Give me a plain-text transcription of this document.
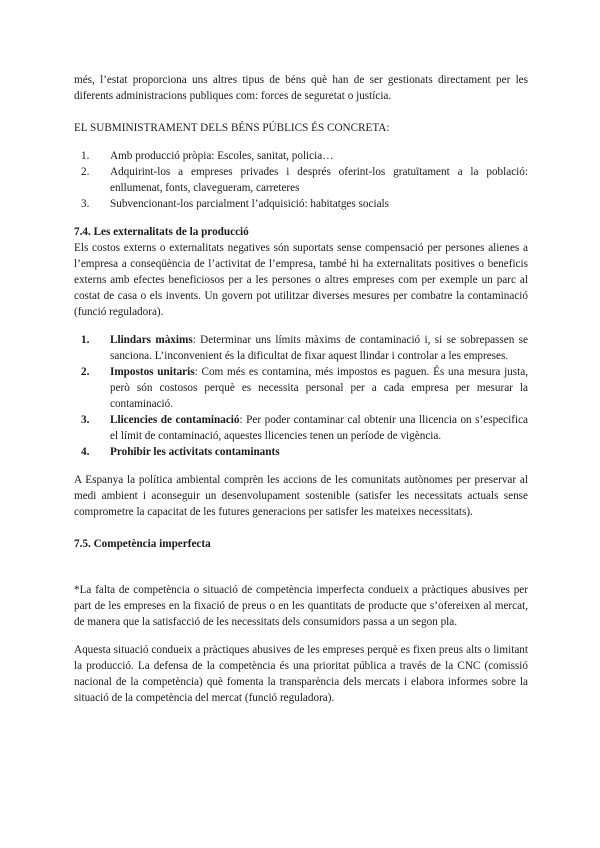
més, l’estat proporciona uns altres tipus de béns què han de ser gestionats directament per les diferents administracions publiques com: forces de seguretat o justícia.

EL SUBMINISTRAMENT DELS BÉNS PÚBLICS ÉS CONCRETA:

1. Amb producció pròpia: Escoles, sanitat, policia…
2. Adquirint-los a empreses privades i després oferint-los gratuïtament a la població: enllumenat, fonts, clavegueram, carreteres
3. Subvencionant-los parcialment l’adquisició: habitatges socials

7.4. Les externalitats de la producció

Els costos externs o externalitats negatives són suportats sense compensació per persones alienes a l’empresa a conseqüència de l’activitat de l’empresa, també hi ha externalitats positives o beneficis externs amb efectes beneficiosos per a les persones o altres empreses com per exemple un parc al costat de casa o els invents. Un govern pot utilitzar diverses mesures per combatre la contaminació (funció reguladora).

1. Llindars màxims: Determinar uns límits màxims de contaminació i, si se sobrepassen se sanciona. L’inconvenient és la dificultat de fixar aquest llindar i controlar a les empreses.
2. Impostos unitaris: Com més es contamina, més impostos es paguen. És una mesura justa, però són costosos perquè es necessita personal per a cada empresa per mesurar la contaminació.
3. Llicencies de contaminació: Per poder contaminar cal obtenir una llicencia on s’especifica el límit de contaminació, aquestes llicencies tenen un període de vigència.
4. Prohibir les activitats contaminants

A Espanya la política ambiental comprèn les accions de les comunitats autònomes per preservar al medi ambient i aconseguir un desenvolupament sostenible (satisfer les necessitats actuals sense comprometre la capacitat de les futures generacions per satisfer les mateixes necessitats).

7.5. Competència imperfecta

*La falta de competència o situació de competència imperfecta condueix a pràctiques abusives per part de les empreses en la fixació de preus o en les quantitats de producte que s’ofereixen al mercat, de manera que la satisfacció de les necessitats dels consumidors passa a un segon pla.

Aquesta situació condueix a pràctiques abusives de les empreses perquè es fixen preus alts o limitant la producció. La defensa de la competència és una prioritat pública a través de la CNC (comissió nacional de la competència) què fomenta la transparència dels mercats i elabora informes sobre la situació de la competència del mercat (funció reguladora).
